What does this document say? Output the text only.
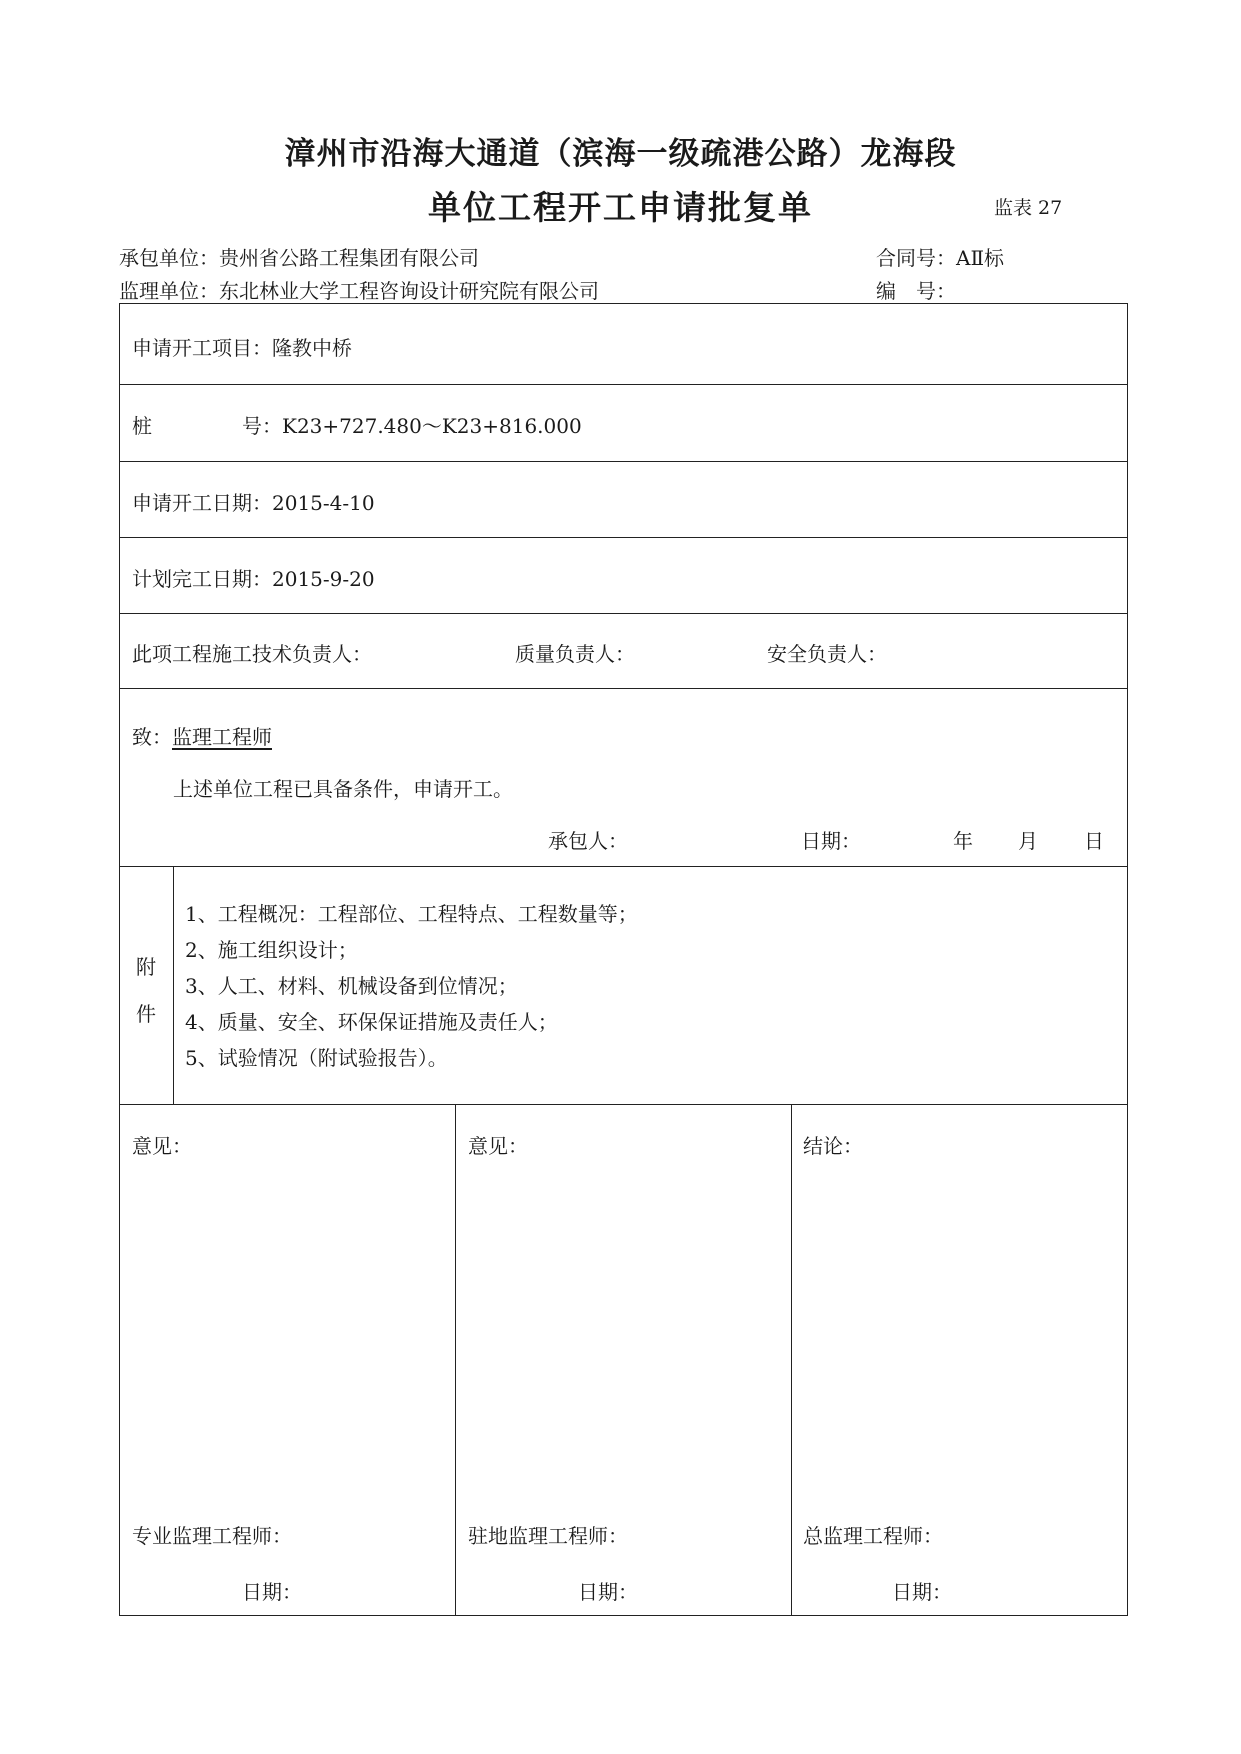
漳州市沿海大通道（滨海一级疏港公路）龙海段
单位工程开工申请批复单	监表 27
承包单位：贵州省公路工程集团有限公司	合同号：AⅡ标
监理单位：东北林业大学工程咨询设计研究院有限公司	编　号：
申请开工项目：隆教中桥
桩	号：K23+727.480～K23+816.000
申请开工日期：2015-4-10
计划完工日期：2015-9-20
此项工程施工技术负责人：	质量负责人：	安全负责人：
致：监理工程师
上述单位工程已具备条件，申请开工。
承包人：	日期：	年 月 日
附
件
1、工程概况：工程部位、工程特点、工程数量等；
2、施工组织设计；
3、人工、材料、机械设备到位情况；
4、质量、安全、环保保证措施及责任人；
5、试验情况（附试验报告）。
意见：	意见：	结论：
专业监理工程师：	驻地监理工程师：	总监理工程师：
日期：	日期：	日期：
